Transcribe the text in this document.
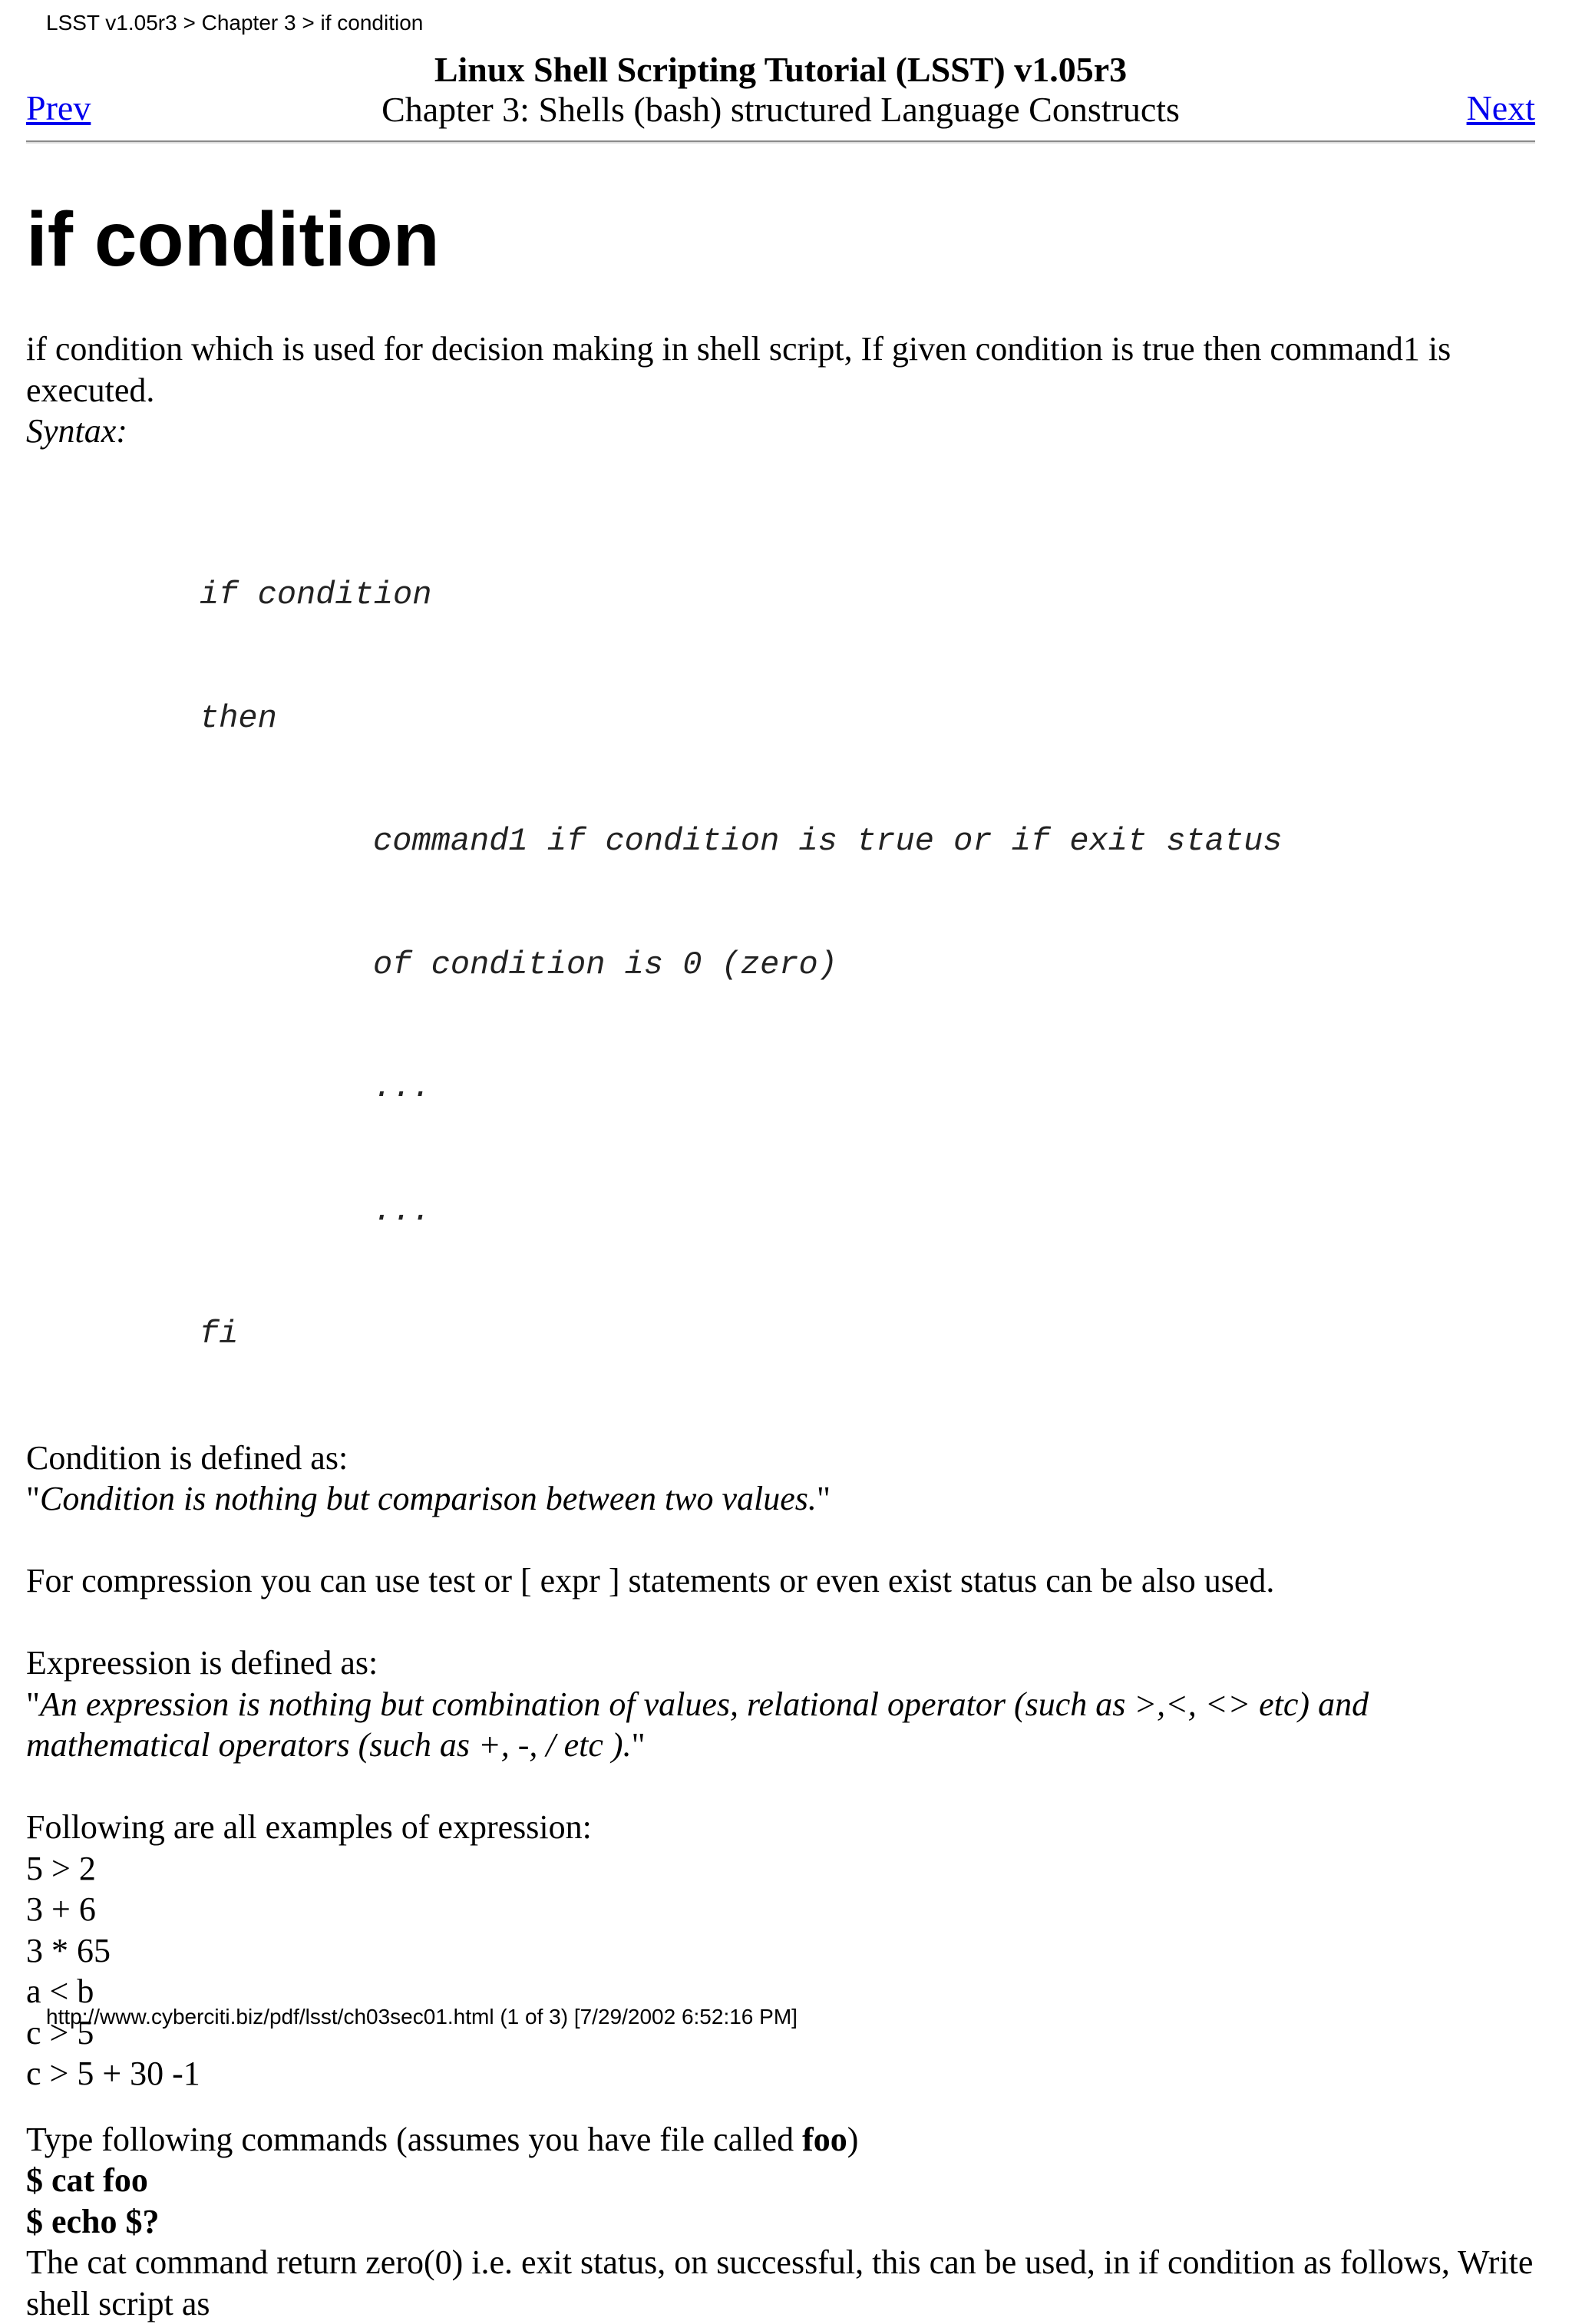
LSST v1.05r3 > Chapter 3 > if condition
Linux Shell Scripting Tutorial (LSST) v1.05r3
Chapter 3: Shells (bash) structured Language Constructs
Prev	Next
if condition

if condition which is used for decision making in shell script, If given condition is true then command1 is executed.
Syntax:

if condition

then

command1 if condition is true or if exit status

of condition is 0 (zero)

...

...

fi

Condition is defined as:
"Condition is nothing but comparison between two values."

For compression you can use test or [ expr ] statements or even exist status can be also used.

Expreession is defined as:
"An expression is nothing but combination of values, relational operator (such as >,<, <> etc) and mathematical operators (such as +, -, / etc )."

Following are all examples of expression:
5 > 2
3 + 6
3 * 65
a < b
c > 5
c > 5 + 30 -1

Type following commands (assumes you have file called foo)
$ cat foo
$ echo $?
The cat command return zero(0) i.e. exit status, on successful, this can be used, in if condition as follows, Write shell script as

http://www.cyberciti.biz/pdf/lsst/ch03sec01.html (1 of 3) [7/29/2002 6:52:16 PM]
